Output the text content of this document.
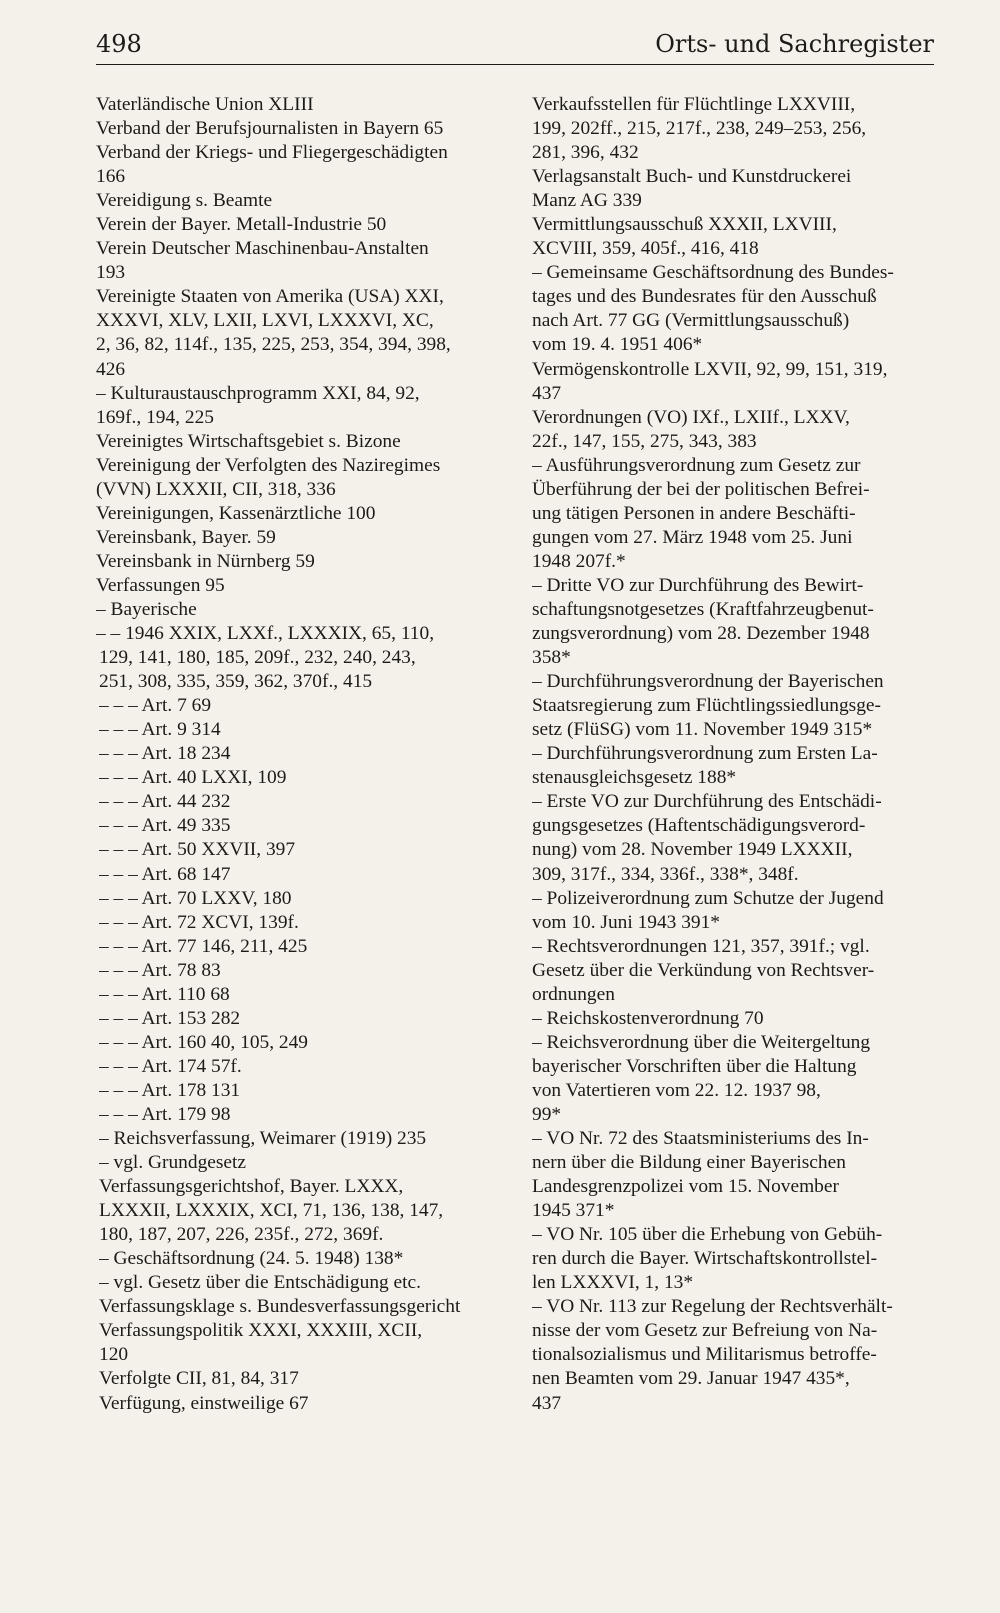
498	Orts- und Sachregister
Vaterländische Union XLIII
Verband der Berufsjournalisten in Bayern 65
Verband der Kriegs- und Fliegergeschädigten
166
Vereidigung s. Beamte
Verein der Bayer. Metall-Industrie 50
Verein Deutscher Maschinenbau-Anstalten
193
Vereinigte Staaten von Amerika (USA) XXI,
XXXVI, XLV, LXII, LXVI, LXXXVI, XC,
2, 36, 82, 114f., 135, 225, 253, 354, 394, 398,
426
– Kulturaustauschprogramm XXI, 84, 92,
169f., 194, 225
Vereinigtes Wirtschaftsgebiet s. Bizone
Vereinigung der Verfolgten des Naziregimes
(VVN) LXXXII, CII, 318, 336
Vereinigungen, Kassenärztliche 100
Vereinsbank, Bayer. 59
Vereinsbank in Nürnberg 59
Verfassungen 95
– Bayerische
– – 1946 XXIX, LXXf., LXXXIX, 65, 110,
129, 141, 180, 185, 209f., 232, 240, 243,
251, 308, 335, 359, 362, 370f., 415
– – – Art. 7 69
– – – Art. 9 314
– – – Art. 18 234
– – – Art. 40 LXXI, 109
– – – Art. 44 232
– – – Art. 49 335
– – – Art. 50 XXVII, 397
– – – Art. 68 147
– – – Art. 70 LXXV, 180
– – – Art. 72 XCVI, 139f.
– – – Art. 77 146, 211, 425
– – – Art. 78 83
– – – Art. 110 68
– – – Art. 153 282
– – – Art. 160 40, 105, 249
– – – Art. 174 57f.
– – – Art. 178 131
– – – Art. 179 98
– Reichsverfassung, Weimarer (1919) 235
– vgl. Grundgesetz
Verfassungsgerichtshof, Bayer. LXXX,
LXXXII, LXXXIX, XCI, 71, 136, 138, 147,
180, 187, 207, 226, 235f., 272, 369f.
– Geschäftsordnung (24. 5. 1948) 138*
– vgl. Gesetz über die Entschädigung etc.
Verfassungsklage s. Bundesverfassungsgericht
Verfassungspolitik XXXI, XXXIII, XCII,
120
Verfolgte CII, 81, 84, 317
Verfügung, einstweilige 67
Verkaufsstellen für Flüchtlinge LXXVIII,
199, 202ff., 215, 217f., 238, 249–253, 256,
281, 396, 432
Verlagsanstalt Buch- und Kunstdruckerei
Manz AG 339
Vermittlungsausschuß XXXII, LXVIII,
XCVIII, 359, 405f., 416, 418
– Gemeinsame Geschäftsordnung des Bundes-
tages und des Bundesrates für den Ausschuß
nach Art. 77 GG (Vermittlungsausschuß)
vom 19. 4. 1951 406*
Vermögenskontrolle LXVII, 92, 99, 151, 319,
437
Verordnungen (VO) IXf., LXIIf., LXXV,
22f., 147, 155, 275, 343, 383
– Ausführungsverordnung zum Gesetz zur
Überführung der bei der politischen Befrei-
ung tätigen Personen in andere Beschäfti-
gungen vom 27. März 1948 vom 25. Juni
1948 207f.*
– Dritte VO zur Durchführung des Bewirt-
schaftungsnotgesetzes (Kraftfahrzeugbenut-
zungsverordnung) vom 28. Dezember 1948
358*
– Durchführungsverordnung der Bayerischen
Staatsregierung zum Flüchtlingssiedlungsge-
setz (FlüSG) vom 11. November 1949 315*
– Durchführungsverordnung zum Ersten La-
stenausgleichsgesetz 188*
– Erste VO zur Durchführung des Entschädi-
gungsgesetzes (Haftentschädigungsverord-
nung) vom 28. November 1949 LXXXII,
309, 317f., 334, 336f., 338*, 348f.
– Polizeiverordnung zum Schutze der Jugend
vom 10. Juni 1943 391*
– Rechtsverordnungen 121, 357, 391f.; vgl.
Gesetz über die Verkündung von Rechtsver-
ordnungen
– Reichskostenverordnung 70
– Reichsverordnung über die Weitergeltung
bayerischer Vorschriften über die Haltung
von Vatertieren vom 22. 12. 1937 98,
99*
– VO Nr. 72 des Staatsministeriums des In-
nern über die Bildung einer Bayerischen
Landesgrenzpolizei vom 15. November
1945 371*
– VO Nr. 105 über die Erhebung von Gebüh-
ren durch die Bayer. Wirtschaftskontrollstel-
len LXXXVI, 1, 13*
– VO Nr. 113 zur Regelung der Rechtsverhält-
nisse der vom Gesetz zur Befreiung von Na-
tionalsozialismus und Militarismus betroffe-
nen Beamten vom 29. Januar 1947 435*,
437
